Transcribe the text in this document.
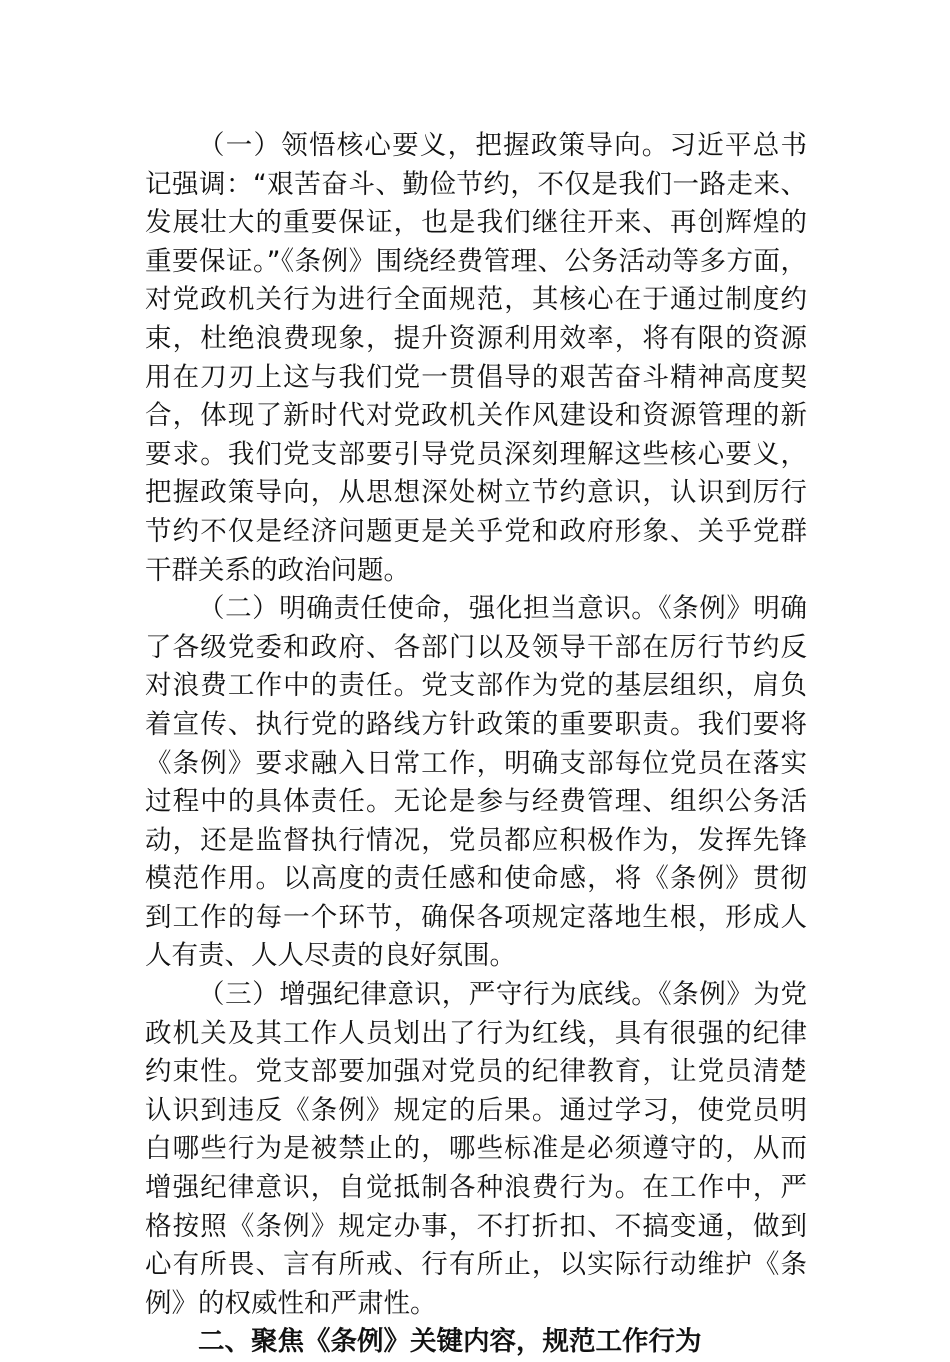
（一）领悟核心要义，把握政策导向。习近平总书记强调：“艰苦奋斗、勤俭节约，不仅是我们一路走来、发展壮大的重要保证，也是我们继往开来、再创辉煌的重要保证。”《条例》围绕经费管理、公务活动等多方面，对党政机关行为进行全面规范，其核心在于通过制度约束，杜绝浪费现象，提升资源利用效率，将有限的资源用在刀刃上这与我们党一贯倡导的艰苦奋斗精神高度契合，体现了新时代对党政机关作风建设和资源管理的新要求。我们党支部要引导党员深刻理解这些核心要义，把握政策导向，从思想深处树立节约意识，认识到厉行节约不仅是经济问题更是关乎党和政府形象、关乎党群干群关系的政治问题。

（二）明确责任使命，强化担当意识。《条例》明确了各级党委和政府、各部门以及领导干部在厉行节约反对浪费工作中的责任。党支部作为党的基层组织，肩负着宣传、执行党的路线方针政策的重要职责。我们要将《条例》要求融入日常工作，明确支部每位党员在落实过程中的具体责任。无论是参与经费管理、组织公务活动，还是监督执行情况，党员都应积极作为，发挥先锋模范作用。以高度的责任感和使命感，将《条例》贯彻到工作的每一个环节，确保各项规定落地生根，形成人人有责、人人尽责的良好氛围。

（三）增强纪律意识，严守行为底线。《条例》为党政机关及其工作人员划出了行为红线，具有很强的纪律约束性。党支部要加强对党员的纪律教育，让党员清楚认识到违反《条例》规定的后果。通过学习，使党员明白哪些行为是被禁止的，哪些标准是必须遵守的，从而增强纪律意识，自觉抵制各种浪费行为。在工作中，严格按照《条例》规定办事，不打折扣、不搞变通，做到心有所畏、言有所戒、行有所止，以实际行动维护《条例》的权威性和严肃性。

二、聚焦《条例》关键内容，规范工作行为
